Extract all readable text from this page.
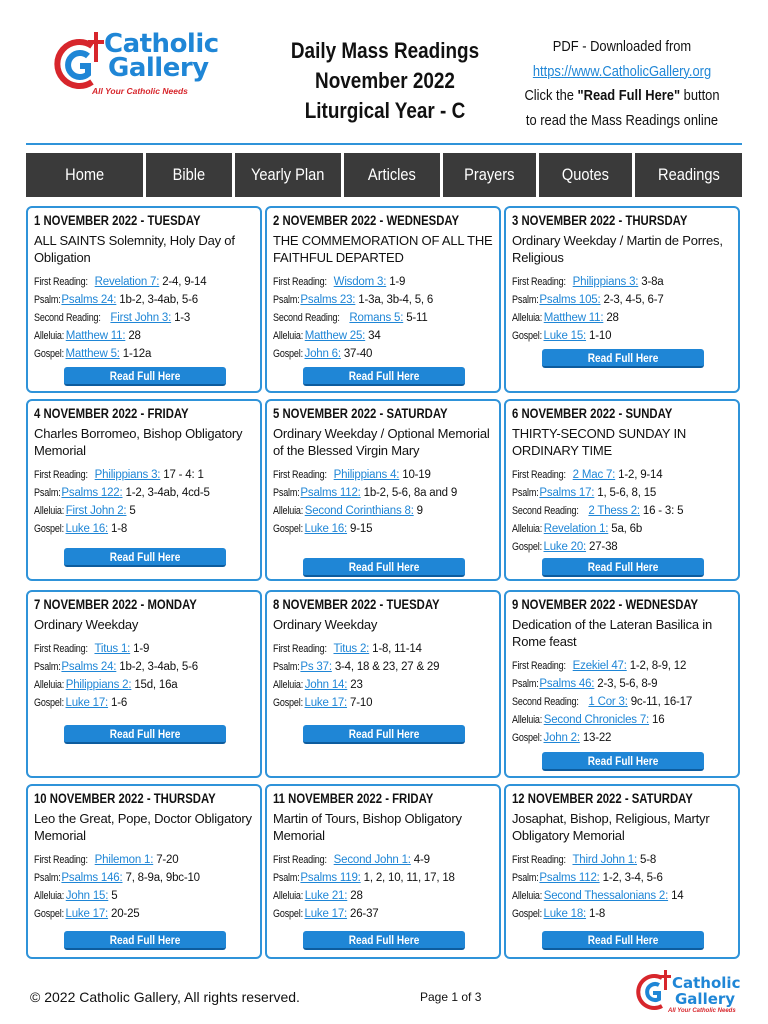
Catholic
Gallery
All Your Catholic Needs
Daily Mass Readings
November 2022
Liturgical Year - C
PDF - Downloaded from
https://www.CatholicGallery.org
Click the "Read Full Here" button
to read the Mass Readings online
Home	Bible	Yearly Plan	Articles	Prayers	Quotes	Readings
1 NOVEMBER 2022 - TUESDAY
ALL SAINTS Solemnity, Holy Day of Obligation
First Reading: Revelation 7: 2-4, 9-14
Psalm: Psalms 24: 1b-2, 3-4ab, 5-6
Second Reading: First John 3: 1-3
Alleluia: Matthew 11: 28
Gospel: Matthew 5: 1-12a
Read Full Here
2 NOVEMBER 2022 - WEDNESDAY
THE COMMEMORATION OF ALL THE FAITHFUL DEPARTED
First Reading: Wisdom 3: 1-9
Psalm: Psalms 23: 1-3a, 3b-4, 5, 6
Second Reading: Romans 5: 5-11
Alleluia: Matthew 25: 34
Gospel: John 6: 37-40
Read Full Here
3 NOVEMBER 2022 - THURSDAY
Ordinary Weekday / Martin de Porres, Religious
First Reading: Philippians 3: 3-8a
Psalm: Psalms 105: 2-3, 4-5, 6-7
Alleluia: Matthew 11: 28
Gospel: Luke 15: 1-10
Read Full Here
4 NOVEMBER 2022 - FRIDAY
Charles Borromeo, Bishop Obligatory Memorial
First Reading: Philippians 3: 17 - 4: 1
Psalm: Psalms 122: 1-2, 3-4ab, 4cd-5
Alleluia: First John 2: 5
Gospel: Luke 16: 1-8
Read Full Here
5 NOVEMBER 2022 - SATURDAY
Ordinary Weekday / Optional Memorial of the Blessed Virgin Mary
First Reading: Philippians 4: 10-19
Psalm: Psalms 112: 1b-2, 5-6, 8a and 9
Alleluia: Second Corinthians 8: 9
Gospel: Luke 16: 9-15
Read Full Here
6 NOVEMBER 2022 - SUNDAY
THIRTY-SECOND SUNDAY IN ORDINARY TIME
First Reading: 2 Mac 7: 1-2, 9-14
Psalm: Psalms 17: 1, 5-6, 8, 15
Second Reading: 2 Thess 2: 16 - 3: 5
Alleluia: Revelation 1: 5a, 6b
Gospel: Luke 20: 27-38
Read Full Here
7 NOVEMBER 2022 - MONDAY
Ordinary Weekday
First Reading: Titus 1: 1-9
Psalm: Psalms 24: 1b-2, 3-4ab, 5-6
Alleluia: Philippians 2: 15d, 16a
Gospel: Luke 17: 1-6
Read Full Here
8 NOVEMBER 2022 - TUESDAY
Ordinary Weekday
First Reading: Titus 2: 1-8, 11-14
Psalm: Ps 37: 3-4, 18 & 23, 27 & 29
Alleluia: John 14: 23
Gospel: Luke 17: 7-10
Read Full Here
9 NOVEMBER 2022 - WEDNESDAY
Dedication of the Lateran Basilica in Rome feast
First Reading: Ezekiel 47: 1-2, 8-9, 12
Psalm: Psalms 46: 2-3, 5-6, 8-9
Second Reading: 1 Cor 3: 9c-11, 16-17
Alleluia: Second Chronicles 7: 16
Gospel: John 2: 13-22
Read Full Here
10 NOVEMBER 2022 - THURSDAY
Leo the Great, Pope, Doctor Obligatory Memorial
First Reading: Philemon 1: 7-20
Psalm: Psalms 146: 7, 8-9a, 9bc-10
Alleluia: John 15: 5
Gospel: Luke 17: 20-25
Read Full Here
11 NOVEMBER 2022 - FRIDAY
Martin of Tours, Bishop Obligatory Memorial
First Reading: Second John 1: 4-9
Psalm: Psalms 119: 1, 2, 10, 11, 17, 18
Alleluia: Luke 21: 28
Gospel: Luke 17: 26-37
Read Full Here
12 NOVEMBER 2022 - SATURDAY
Josaphat, Bishop, Religious, Martyr Obligatory Memorial
First Reading: Third John 1: 5-8
Psalm: Psalms 112: 1-2, 3-4, 5-6
Alleluia: Second Thessalonians 2: 14
Gospel: Luke 18: 1-8
Read Full Here
© 2022 Catholic Gallery, All rights reserved.	Page 1 of 3
Catholic
Gallery
All Your Catholic Needs
